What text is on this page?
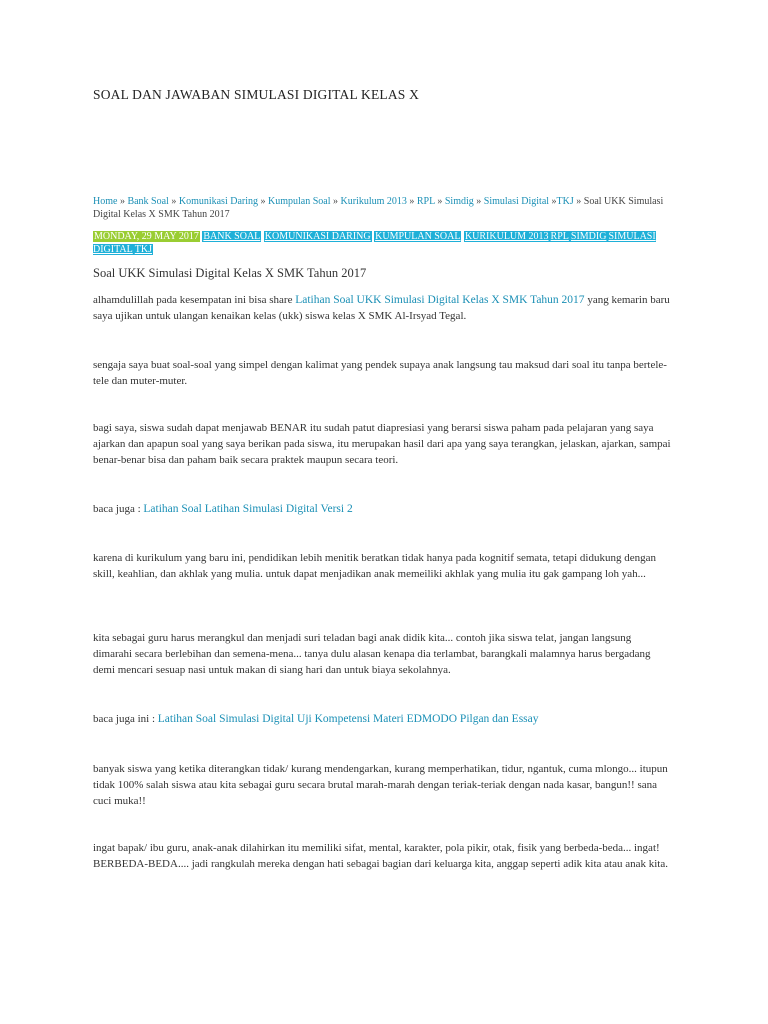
SOAL DAN JAWABAN SIMULASI DIGITAL KELAS X
Home » Bank Soal » Komunikasi Daring » Kumpulan Soal » Kurikulum 2013 » RPL » Simdig » Simulasi Digital »TKJ » Soal UKK Simulasi Digital Kelas X SMK Tahun 2017
MONDAY, 29 MAY 2017 BANK SOAL KOMUNIKASI DARING KUMPULAN SOAL KURIKULUM 2013 RPL SIMDIG SIMULASI DIGITAL TKJ
Soal UKK Simulasi Digital Kelas X SMK Tahun 2017

alhamdulillah pada kesempatan ini bisa share Latihan Soal UKK Simulasi Digital Kelas X SMK Tahun 2017 yang kemarin baru saya ujikan untuk ulangan kenaikan kelas (ukk) siswa kelas X SMK Al-Irsyad Tegal.

sengaja saya buat soal-soal yang simpel dengan kalimat yang pendek supaya anak langsung tau maksud dari soal itu tanpa bertele-tele dan muter-muter.

bagi saya, siswa sudah dapat menjawab BENAR itu sudah patut diapresiasi yang berarsi siswa paham pada pelajaran yang saya ajarkan dan apapun soal yang saya berikan pada siswa, itu merupakan hasil dari apa yang saya terangkan, jelaskan, ajarkan, sampai benar-benar bisa dan paham baik secara praktek maupun secara teori.

baca juga : Latihan Soal Latihan Simulasi Digital Versi 2

karena di kurikulum yang baru ini, pendidikan lebih menitik beratkan tidak hanya pada kognitif semata, tetapi didukung dengan skill, keahlian, dan akhlak yang mulia. untuk dapat menjadikan anak memeiliki akhlak yang mulia itu gak gampang loh yah...

kita sebagai guru harus merangkul dan menjadi suri teladan bagi anak didik kita... contoh jika siswa telat, jangan langsung dimarahi secara berlebihan dan semena-mena... tanya dulu alasan kenapa dia terlambat, barangkali malamnya harus bergadang demi mencari sesuap nasi untuk makan di siang hari dan untuk biaya sekolahnya.

baca juga ini : Latihan Soal Simulasi Digital Uji Kompetensi Materi EDMODO Pilgan dan Essay

banyak siswa yang ketika diterangkan tidak/ kurang mendengarkan, kurang memperhatikan, tidur, ngantuk, cuma mlongo... itupun tidak 100% salah siswa atau kita sebagai guru secara brutal marah-marah dengan teriak-teriak dengan nada kasar, bangun!! sana cuci muka!!

ingat bapak/ ibu guru, anak-anak dilahirkan itu memiliki sifat, mental, karakter, pola pikir, otak, fisik yang berbeda-beda... ingat! BERBEDA-BEDA.... jadi rangkulah mereka dengan hati sebagai bagian dari keluarga kita, anggap seperti adik kita atau anak kita.
